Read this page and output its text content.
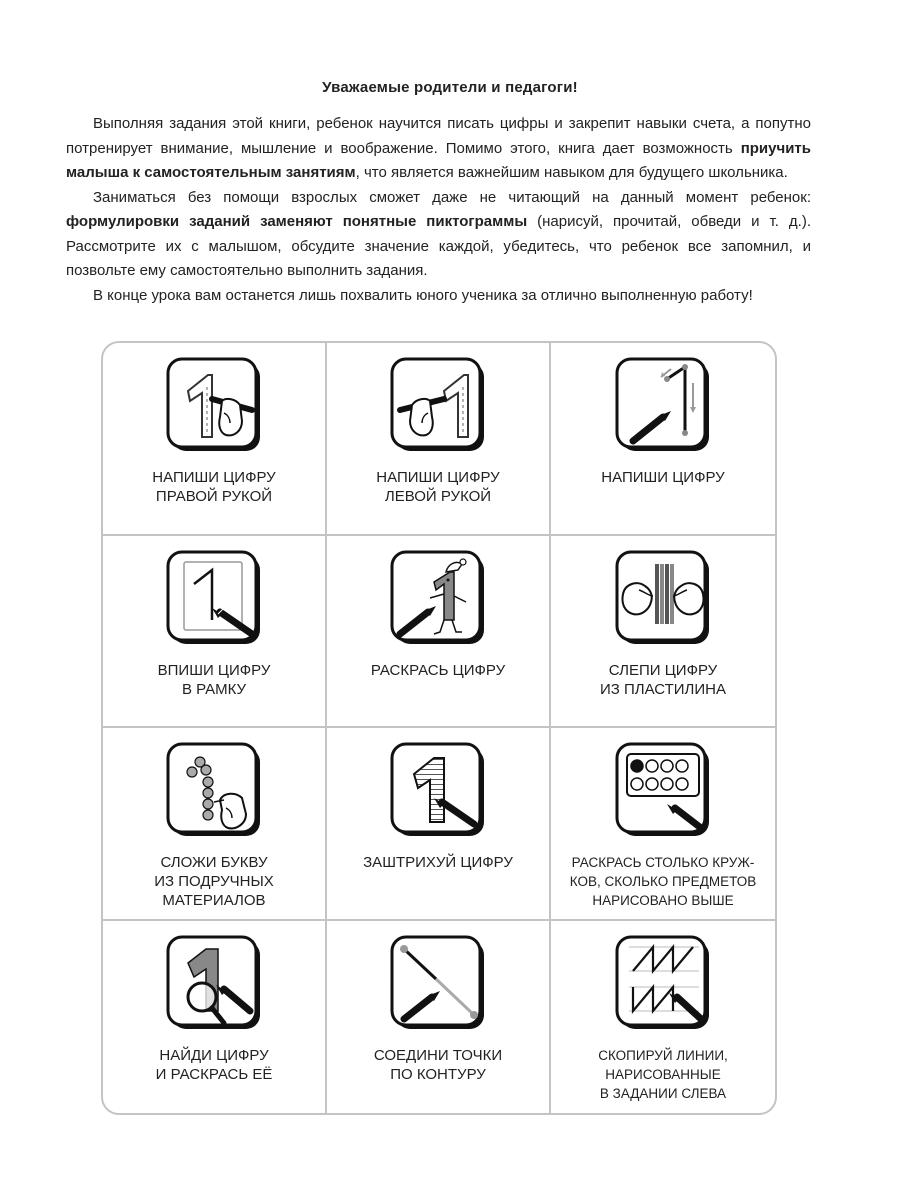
Уважаемые родители и педагоги!

Выполняя задания этой книги, ребенок научится писать цифры и закрепит навыки счета, а попутно потренирует внимание, мышление и воображение. Помимо этого, книга дает возможность приучить малыша к самостоятельным занятиям, что является важнейшим навыком для будущего школьника.

Заниматься без помощи взрослых сможет даже не читающий на данный момент ребенок: формулировки заданий заменяют понятные пиктограммы (нарисуй, прочитай, обведи и т. д.). Рассмотрите их с малышом, обсудите значение каждой, убедитесь, что ребенок все запомнил, и позвольте ему самостоятельно выполнить задания.

В конце урока вам останется лишь похвалить юного ученика за отлично выполненную работу!

НАПИШИ ЦИФРУ
ПРАВОЙ РУКОЙ
НАПИШИ ЦИФРУ
ЛЕВОЙ РУКОЙ
НАПИШИ ЦИФРУ
ВПИШИ ЦИФРУ
В РАМКУ
РАСКРАСЬ ЦИФРУ	СЛЕПИ ЦИФРУ
ИЗ ПЛАСТИЛИНА
СЛОЖИ БУКВУ
ИЗ ПОДРУЧНЫХ
МАТЕРИАЛОВ
ЗАШТРИХУЙ ЦИФРУ	РАСКРАСЬ СТОЛЬКО КРУЖ-
КОВ, СКОЛЬКО ПРЕДМЕТОВ
НАРИСОВАНО ВЫШЕ
НАЙДИ ЦИФРУ
И РАСКРАСЬ ЕЁ
СОЕДИНИ ТОЧКИ
ПО КОНТУРУ
СКОПИРУЙ ЛИНИИ,
НАРИСОВАННЫЕ
В ЗАДАНИИ СЛЕВА
